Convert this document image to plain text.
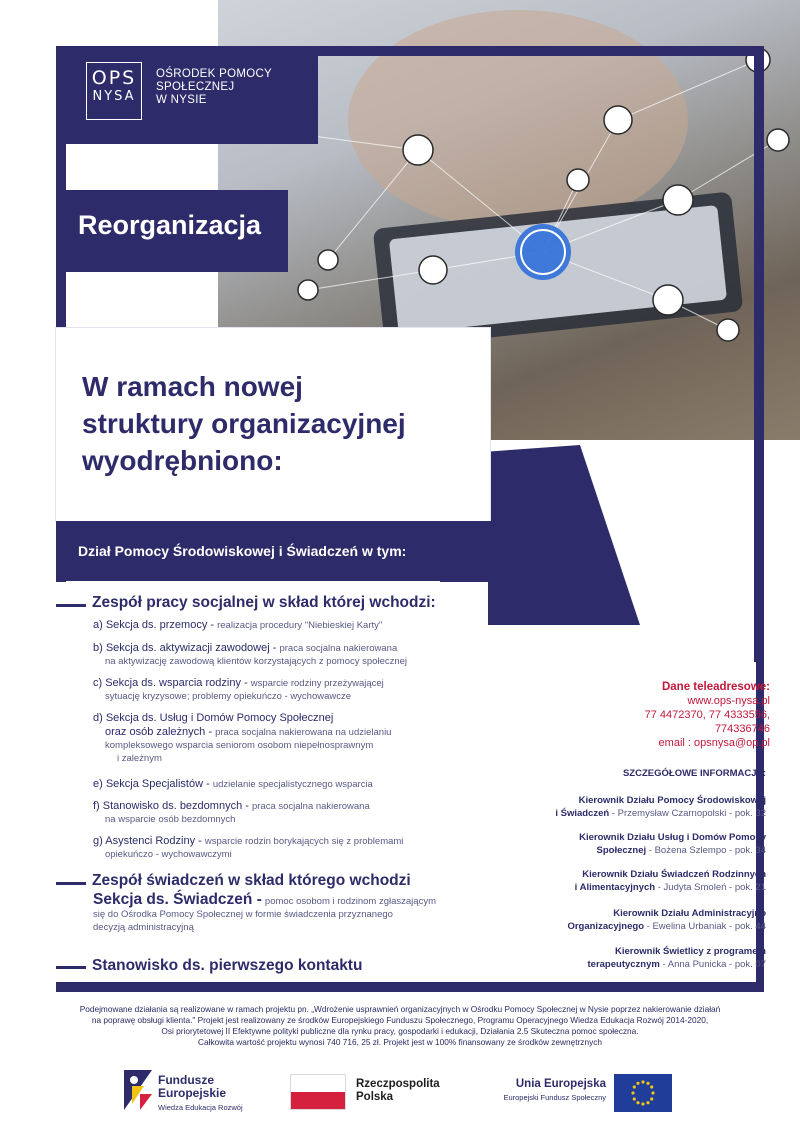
OPS
NYSA
OŚRODEK POMOCY
SPOŁECZNEJ
W NYSIE
Reorganizacja
W ramach nowej
struktury organizacyjnej
wyodrębniono:
Dział Pomocy Środowiskowej i Świadczeń w tym:
Zespół pracy socjalnej w skład której wchodzi:
a) Sekcja ds. przemocy - realizacja procedury "Niebieskiej Karty"
b) Sekcja ds. aktywizacji zawodowej - praca socjalna nakierowana
na aktywizację zawodową klientów korzystających z pomocy społecznej
c) Sekcja ds. wsparcia rodziny - wsparcie rodziny przeżywającej
sytuację kryzysowe; problemy opiekuńczo - wychowawcze
d) Sekcja ds. Usług i Domów Pomocy Społecznej
oraz osób zależnych - praca socjalna nakierowana na udzielaniu
kompleksowego wsparcia seniorom osobom niepełnosprawnym
i zależnym
e) Sekcja Specjalistów - udzielanie specjalistycznego wsparcia
f) Stanowisko ds. bezdomnych - praca socjalna nakierowana
na wsparcie osób bezdomnych
g) Asystenci Rodziny - wsparcie rodzin borykających się z problemami
opiekuńczo - wychowawczymi
Zespół świadczeń w skład którego wchodzi
Sekcja ds. Świadczeń - pomoc osobom i rodzinom zgłaszającym
się do Ośrodka Pomocy Społecznej w formie świadczenia przyznanego
decyzją administracyjną
Stanowisko ds. pierwszego kontaktu
Dane teleadresowe:
www.ops-nysa.pl
77 4472370, 77 4333556,
774336746
email : opsnysa@op.pl
SZCZEGÓŁOWE INFORMACJE:
Kierownik Działu Pomocy Środowiskowej
i Świadczeń - Przemysław Czarnopolski - pok. 32
Kierownik Działu Usług i Domów Pomocy
Społecznej - Bożena Szlempo - pok. 34
Kierownik Działu Świadczeń Rodzinnych
i Alimentacyjnych - Judyta Smoleń - pok. 21
Kierownik Działu Administracyjno
Organizacyjnego - Ewelina Urbaniak - pok. 44
Kierownik Świetlicy z programem
terapeutycznym - Anna Punicka - pok. 07
Podejmowane działania są realizowane w ramach projektu pn. „Wdrożenie usprawnień organizacyjnych w Ośrodku Pomocy Społecznej w Nysie poprzez nakierowanie działań
na poprawę obsługi klienta." Projekt jest realizowany ze środków Europejskiego Funduszu Społecznego, Programu Operacyjnego Wiedza Edukacja Rozwój 2014-2020,
Osi priorytetowej II Efektywne polityki publiczne dla rynku pracy, gospodarki i edukacji, Działania 2.5 Skuteczna pomoc społeczna.
Całkowita wartość projektu wynosi 740 716, 25 zł. Projekt jest w 100% finansowany ze środków zewnętrznych
Fundusze
Europejskie
Wiedza Edukacja Rozwój
Rzeczpospolita
Polska
Unia Europejska
Europejski Fundusz Społeczny
